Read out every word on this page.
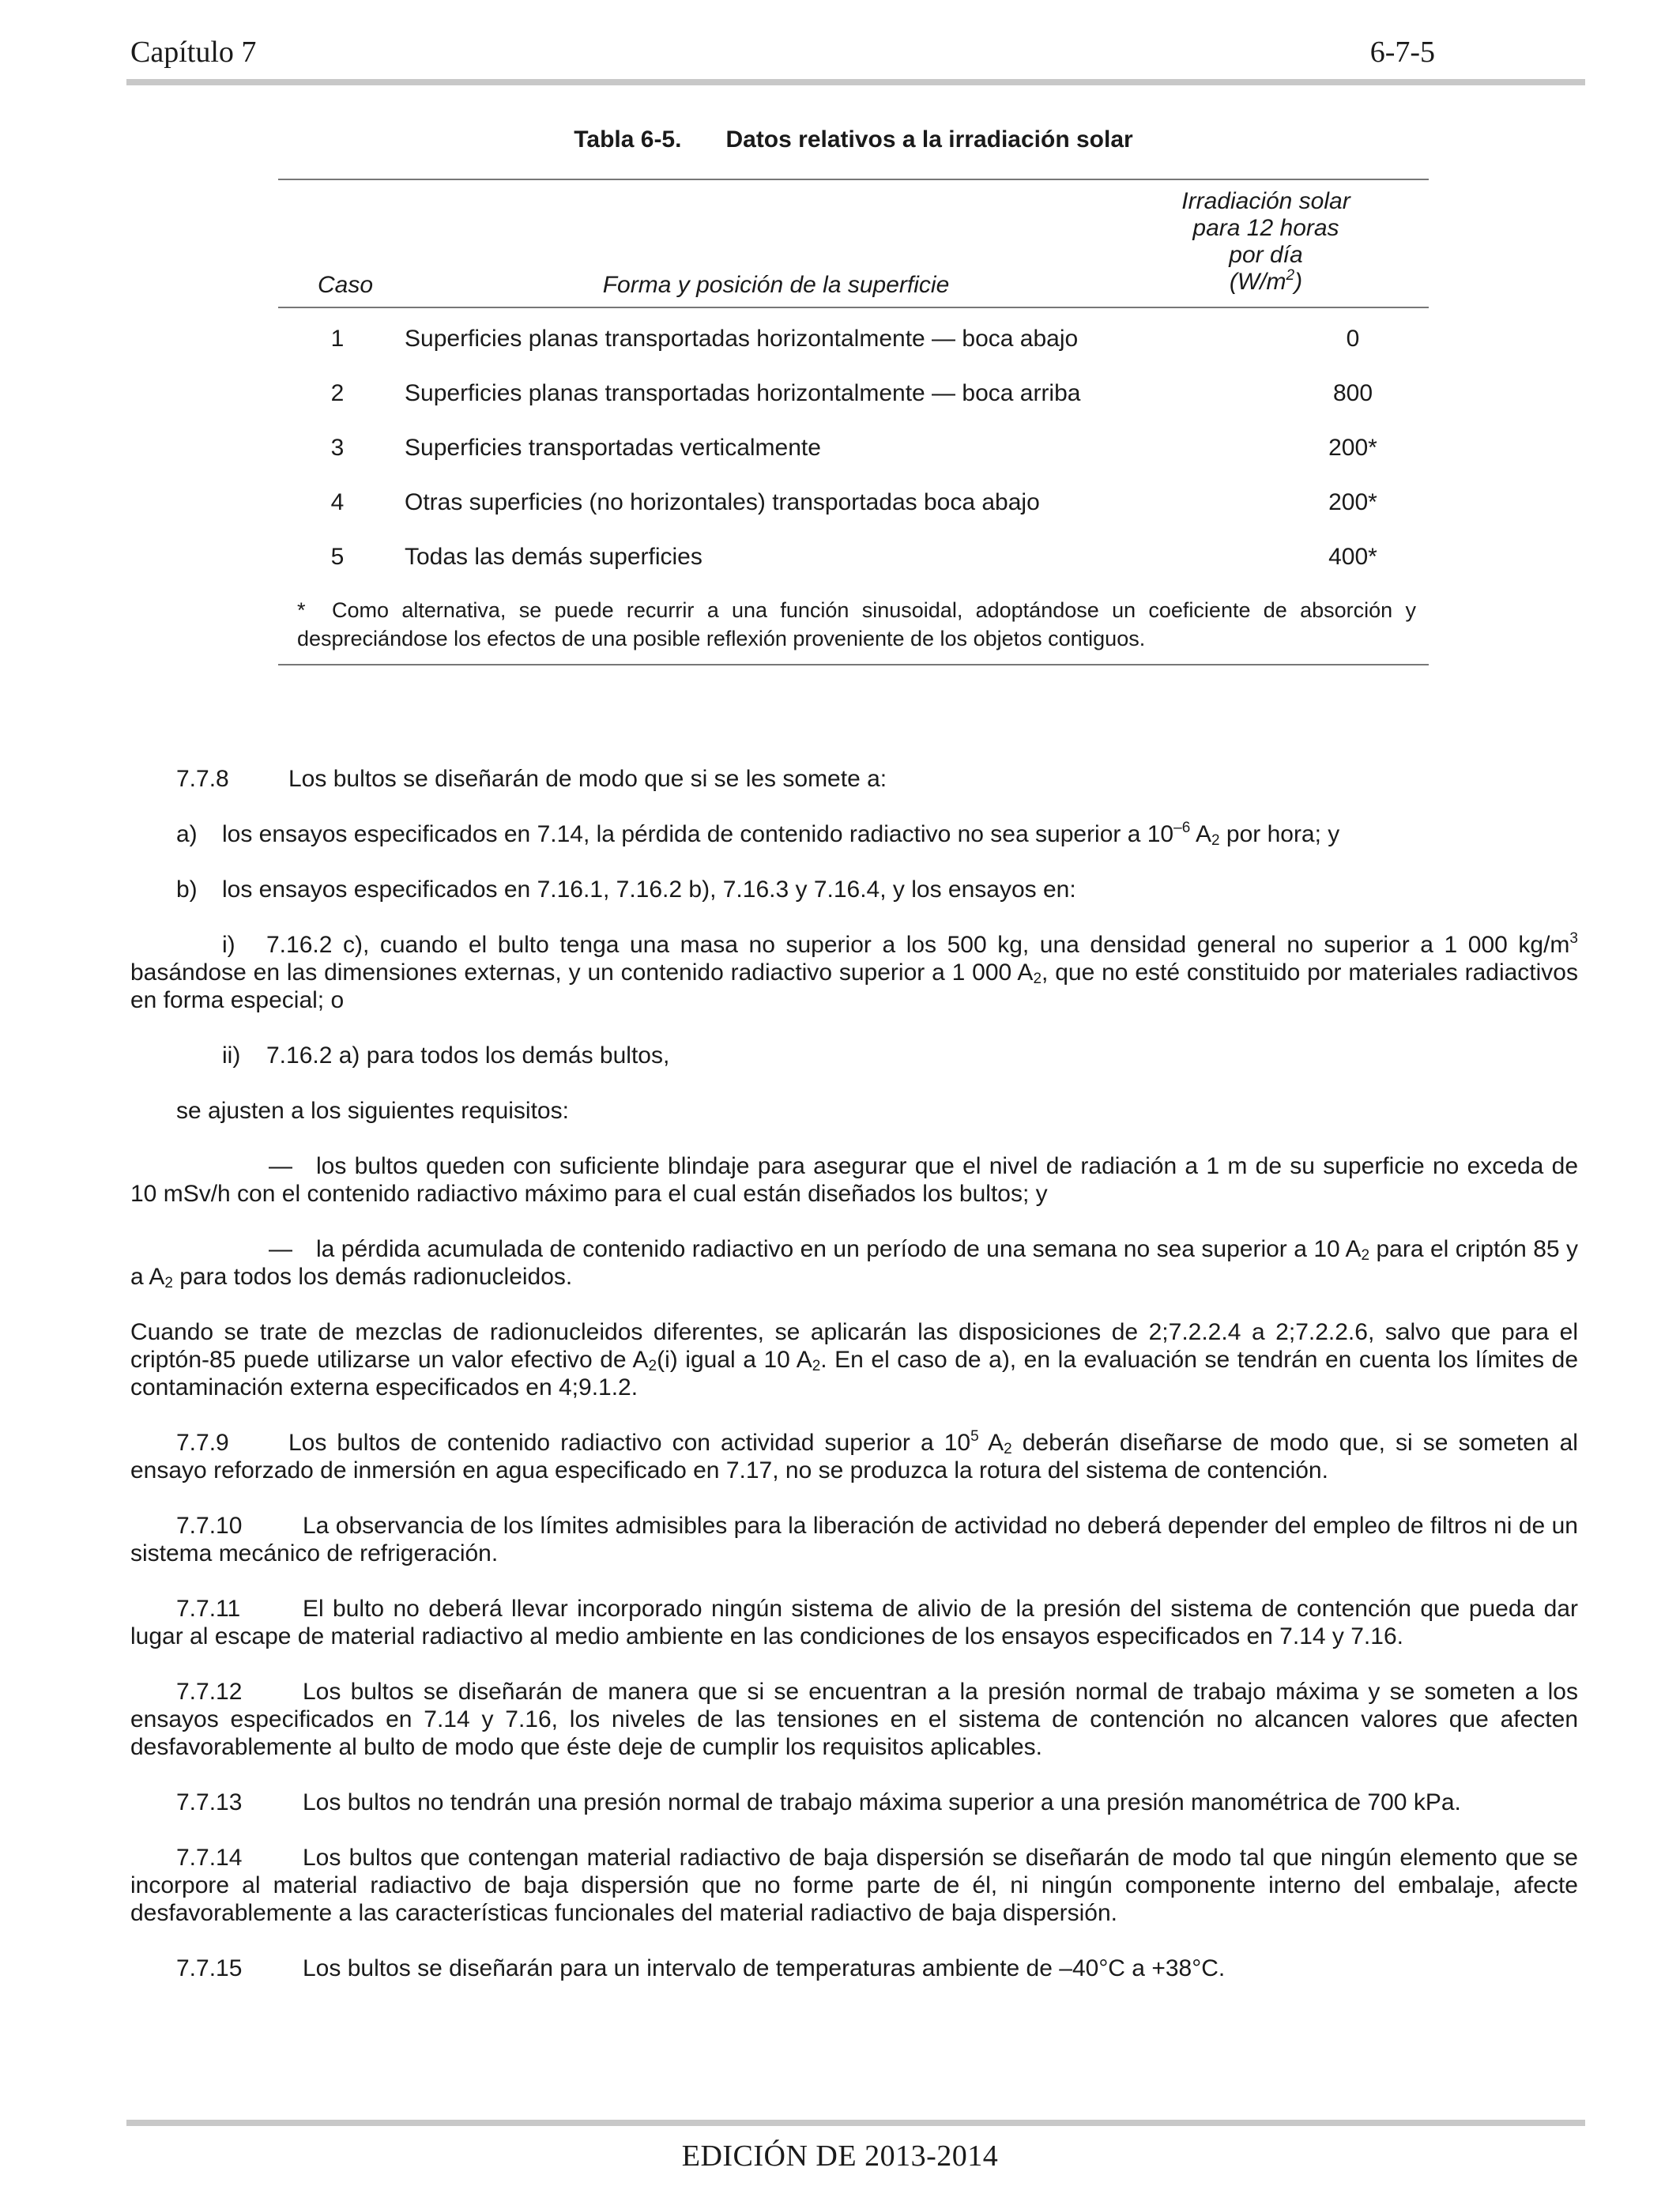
Capítulo 7	6-7-5
Tabla 6-5. Datos relativos a la irradiación solar
Caso	Forma y posición de la superficie
Irradiación solar
para 12 horas
por día
$(W/m^2)$
1	Superficies planas transportadas horizontalmente — boca abajo	0
2	Superficies planas transportadas horizontalmente — boca arriba	800
3	Superficies transportadas verticalmente	200*
4	Otras superficies (no horizontales) transportadas boca abajo	200*
5	Todas las demás superficies	400*
* Como alternativa, se puede recurrir a una función sinusoidal, adoptándose un coeficiente de absorción y despreciándose los efectos de una posible reflexión proveniente de los objetos contiguos.

7.7.8	Los bultos se diseñarán de modo que si se les somete a:

a) los ensayos especificados en 7.14, la pérdida de contenido radiactivo no sea superior a $10^{-6}$ $A_2$ por hora; y

b) los ensayos especificados en 7.16.1, 7.16.2 b), 7.16.3 y 7.16.4, y los ensayos en:

i) 7.16.2 c), cuando el bulto tenga una masa no superior a los 500 kg, una densidad general no superior a 1 000 $kg/m^3$ basándose en las dimensiones externas, y un contenido radiactivo superior a 1 000 $A_2$, que no esté constituido por materiales radiactivos en forma especial; o

ii) 7.16.2 a) para todos los demás bultos,

se ajusten a los siguientes requisitos:

— los bultos queden con suficiente blindaje para asegurar que el nivel de radiación a 1 m de su superficie no exceda de 10 mSv/h con el contenido radiactivo máximo para el cual están diseñados los bultos; y

— la pérdida acumulada de contenido radiactivo en un período de una semana no sea superior a 10 $A_2$ para el criptón 85 y a $A_2$ para todos los demás radionucleidos.

Cuando se trate de mezclas de radionucleidos diferentes, se aplicarán las disposiciones de 2;7.2.2.4 a 2;7.2.2.6, salvo que para el criptón-85 puede utilizarse un valor efectivo de $A_2(i)$ igual a 10 $A_2$. En el caso de a), en la evaluación se tendrán en cuenta los límites de contaminación externa especificados en 4;9.1.2.

7.7.9	Los bultos de contenido radiactivo con actividad superior a $10^5$ $A_2$ deberán diseñarse de modo que, si se someten al ensayo reforzado de inmersión en agua especificado en 7.17, no se produzca la rotura del sistema de contención.

7.7.10	La observancia de los límites admisibles para la liberación de actividad no deberá depender del empleo de filtros ni de un sistema mecánico de refrigeración.

7.7.11	El bulto no deberá llevar incorporado ningún sistema de alivio de la presión del sistema de contención que pueda dar lugar al escape de material radiactivo al medio ambiente en las condiciones de los ensayos especificados en 7.14 y 7.16.

7.7.12	Los bultos se diseñarán de manera que si se encuentran a la presión normal de trabajo máxima y se someten a los ensayos especificados en 7.14 y 7.16, los niveles de las tensiones en el sistema de contención no alcancen valores que afecten desfavorablemente al bulto de modo que éste deje de cumplir los requisitos aplicables.

7.7.13	Los bultos no tendrán una presión normal de trabajo máxima superior a una presión manométrica de 700 kPa.

7.7.14	Los bultos que contengan material radiactivo de baja dispersión se diseñarán de modo tal que ningún elemento que se incorpore al material radiactivo de baja dispersión que no forme parte de él, ni ningún componente interno del embalaje, afecte desfavorablemente a las características funcionales del material radiactivo de baja dispersión.

7.7.15	Los bultos se diseñarán para un intervalo de temperaturas ambiente de –40°C a +38°C.

EDICIÓN DE 2013-2014
